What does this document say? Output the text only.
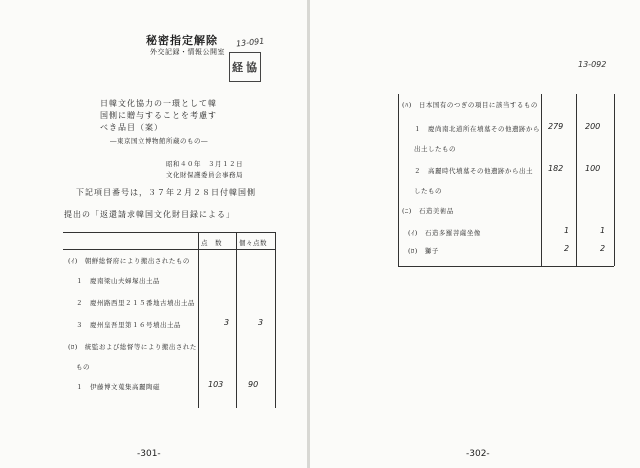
秘密指定解除
外交記録・情報公開室
13-091
経 協
日韓文化協力の一環として韓
国側に贈与することを考慮す
べき品目（案）
―東京国立博物館所蔵のもの―
昭和４０年　３月１２日
文化財保護委員会事務局
下記項目番号は，３７年２月２８日付韓国側
提出の「返還請求韓国文化財目録による」
点　数	個々点数
(ｲ)　朝鮮総督府により搬出されたもの
１　慶南梁山夫婦塚出土品
２　慶州路西里２１５番地古墳出土品
３　慶州皇吾里第１６号墳出土品	3	3
(ﾛ)　統監および総督等により搬出された
もの
１　伊藤博文蒐集高麗陶磁	103	90
-301-
13-092
(ﾊ)　日本国有のつぎの項目に該当するもの
１　慶尚南北道所在墳墓その他遺跡から 279	200
出土したもの
２　高麗時代墳墓その他遺跡から出土 182	100
したもの
(ﾆ)　石造美術品
(ｲ)　石造多羅菩薩坐像	1	1
(ﾛ)　獅子	2	2
-302-
